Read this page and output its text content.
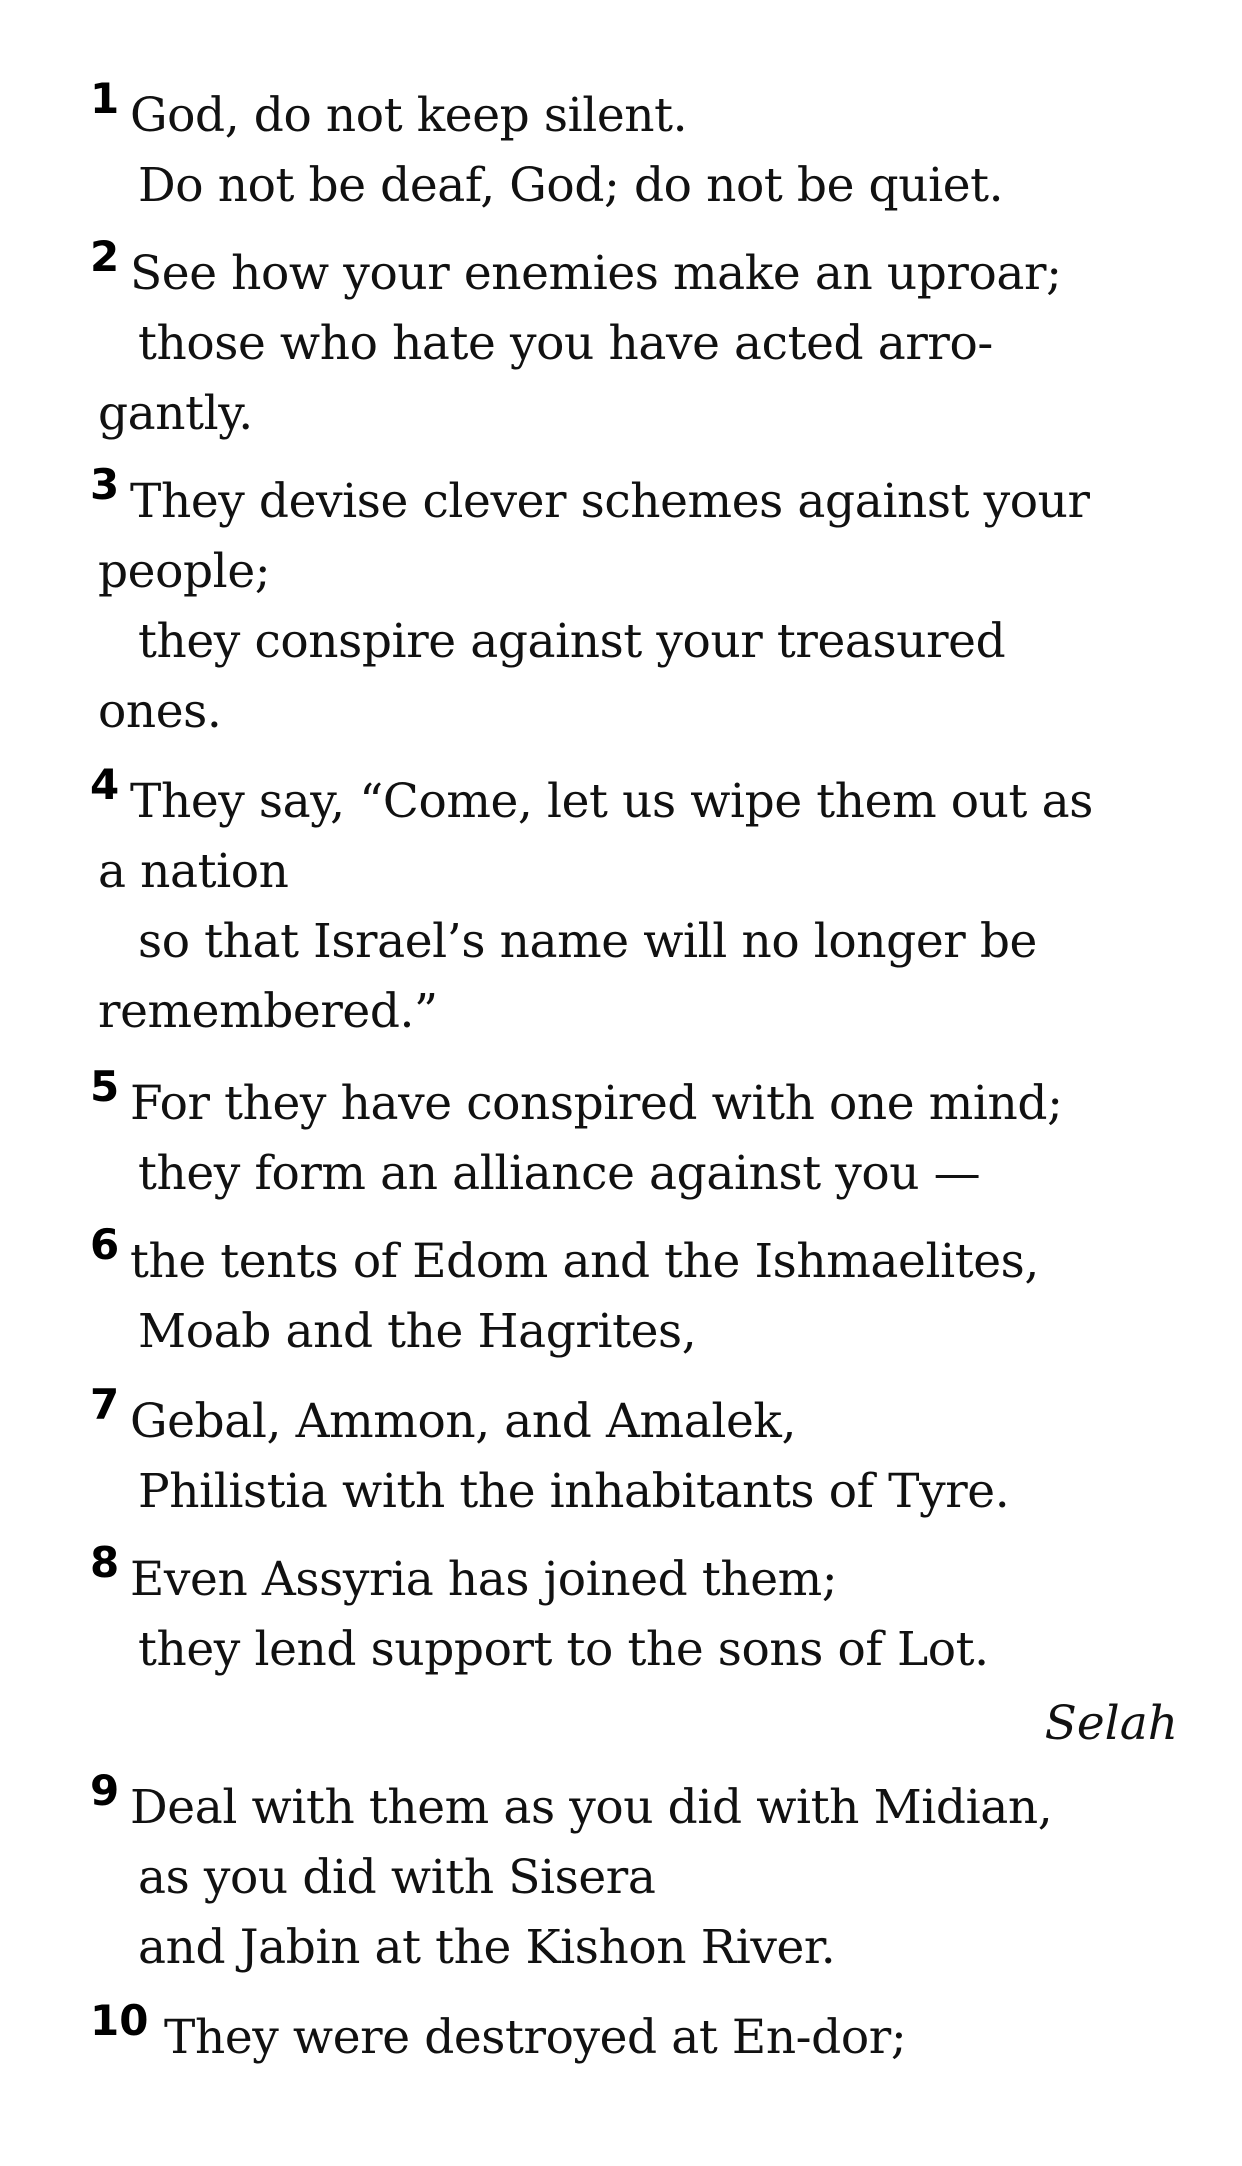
1 God, do not keep silent.
Do not be deaf, God; do not be quiet.
2 See how your enemies make an uproar;
those who hate you have acted arro-
gantly.
3 They devise clever schemes against your
people;
they conspire against your treasured
ones.
4 They say, “Come, let us wipe them out as
a nation
so that Israel’s name will no longer be
remembered.”
5 For they have conspired with one mind;
they form an alliance against you —
6 the tents of Edom and the Ishmaelites,
Moab and the Hagrites,
7 Gebal, Ammon, and Amalek,
Philistia with the inhabitants of Tyre.
8 Even Assyria has joined them;
they lend support to the sons of Lot.
Selah
9 Deal with them as you did with Midian,
as you did with Sisera
and Jabin at the Kishon River.
10 They were destroyed at En-dor;
